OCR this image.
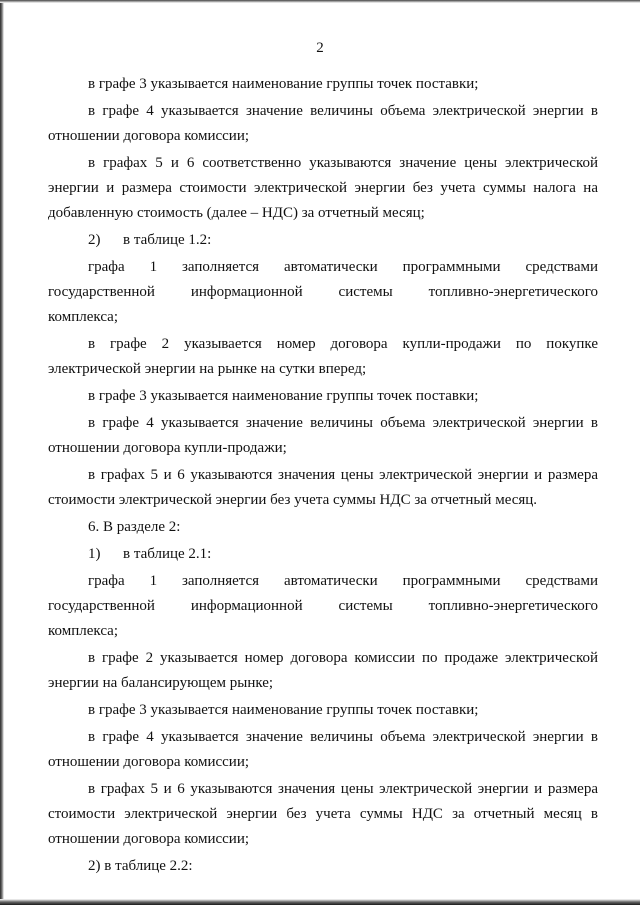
2

в графе 3 указывается наименование группы точек поставки;

в графе 4 указывается значение величины объема электрической энергии в отношении договора комиссии;

в графах 5 и 6 соответственно указываются значение цены электрической энергии и размера стоимости электрической энергии без учета суммы налога на добавленную стоимость (далее – НДС) за отчетный месяц;

2)      в таблице 1.2:

графа 1 заполняется автоматически программными средствами государственной информационной системы топливно-энергетического комплекса;

в графе 2 указывается номер договора купли-продажи по покупке электрической энергии на рынке на сутки вперед;

в графе 3 указывается наименование группы точек поставки;

в графе 4 указывается значение величины объема электрической энергии в отношении договора купли-продажи;

в графах 5 и 6 указываются значения цены электрической энергии и размера стоимости электрической энергии без учета суммы НДС за отчетный месяц.

6. В разделе 2:

1)      в таблице 2.1:

графа 1 заполняется автоматически программными средствами государственной информационной системы топливно-энергетического комплекса;

в графе 2 указывается номер договора комиссии по продаже электрической энергии на балансирующем рынке;

в графе 3 указывается наименование группы точек поставки;

в графе 4 указывается значение величины объема электрической энергии в отношении договора комиссии;

в графах 5 и 6 указываются значения цены электрической энергии и размера стоимости электрической энергии без учета суммы НДС за отчетный месяц в отношении договора комиссии;

2) в таблице 2.2:
